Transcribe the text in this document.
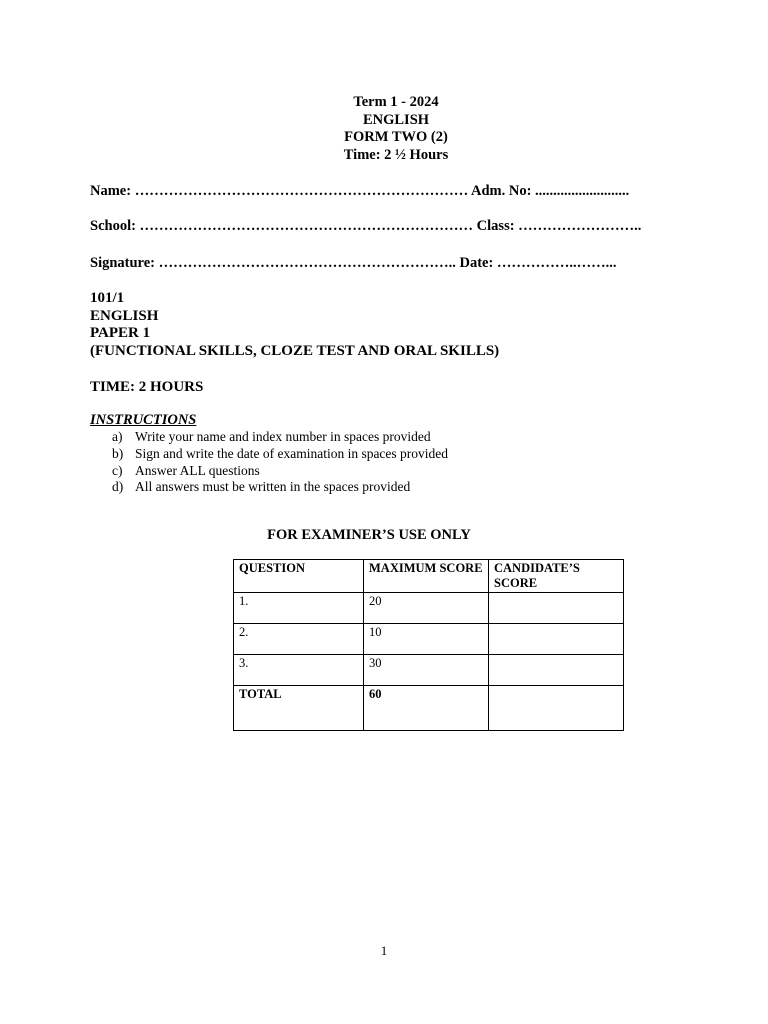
Term 1 - 2024
ENGLISH
FORM TWO (2)
Time: 2 ½ Hours
Name: …………………………………………………………… Adm. No: ..........................
School: …………………………………………………………… Class: ……………………..
Signature: …………………………………………………….. Date: ……………..……...
101/1
ENGLISH
PAPER 1
(FUNCTIONAL SKILLS, CLOZE TEST AND ORAL SKILLS)
TIME: 2 HOURS
INSTRUCTIONS
a) Write your name and index number in spaces provided
b) Sign and write the date of examination in spaces provided
c) Answer ALL questions
d) All answers must be written in the spaces provided
FOR EXAMINER’S USE ONLY
QUESTION	MAXIMUM SCORE	CANDIDATE’S SCORE
1.	20	
2.	10	
3.	30	
TOTAL	60	
1
